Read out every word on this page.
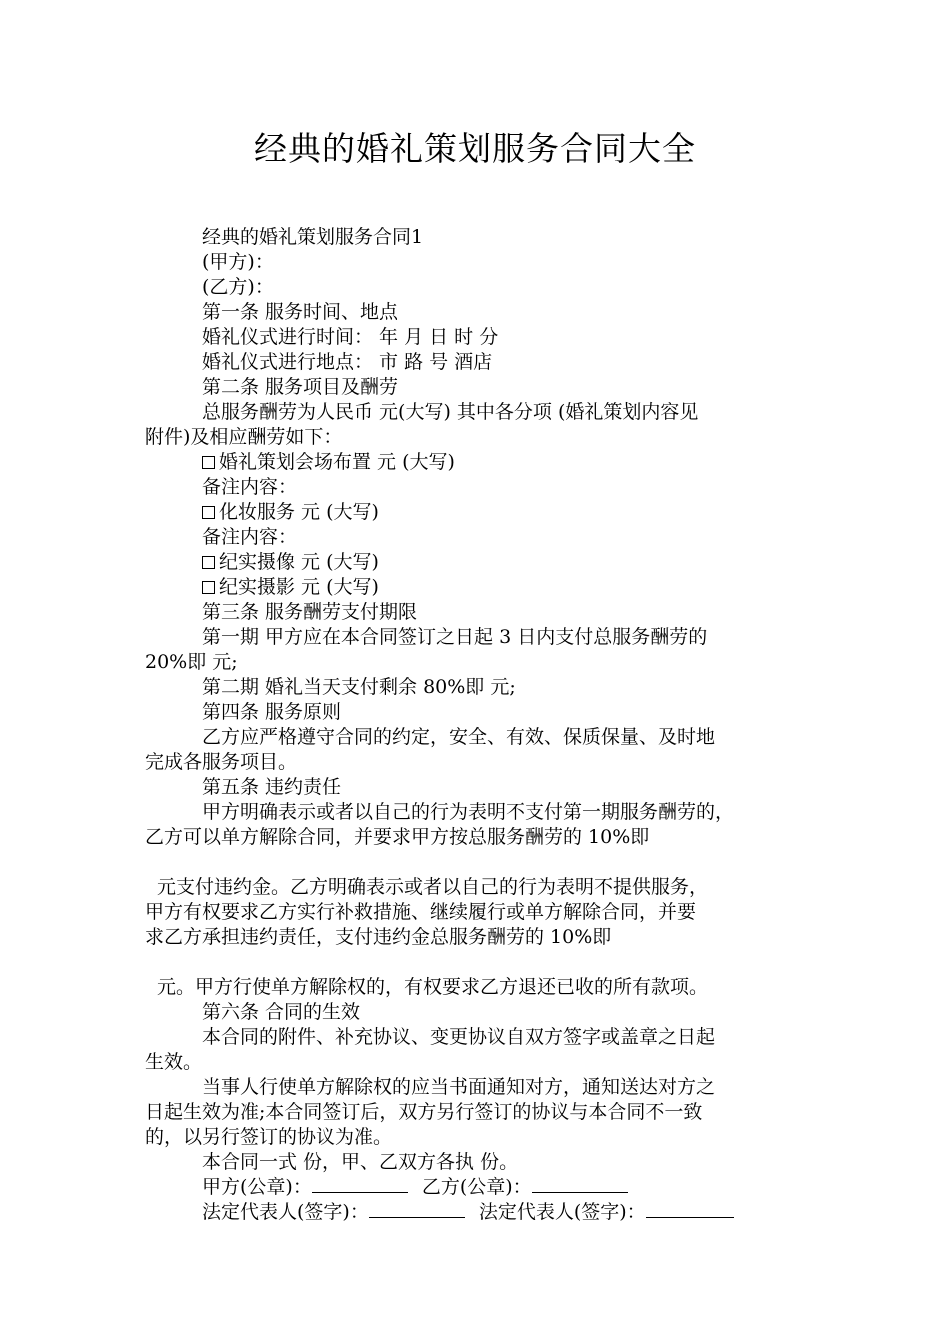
经典的婚礼策划服务合同大全
经典的婚礼策划服务合同1
(甲方)：
(乙方)：
第一条 服务时间、地点
婚礼仪式进行时间： 年 月 日 时 分
婚礼仪式进行地点： 市 路 号 酒店
第二条 服务项目及酬劳
总服务酬劳为人民币 元(大写) 其中各分项 (婚礼策划内容见
附件)及相应酬劳如下：
婚礼策划会场布置 元 (大写)
备注内容：
化妆服务 元 (大写)
备注内容：
纪实摄像 元 (大写)
纪实摄影 元 (大写)
第三条 服务酬劳支付期限
第一期 甲方应在本合同签订之日起 3 日内支付总服务酬劳的
20%即 元;
第二期 婚礼当天支付剩余 80%即 元;
第四条 服务原则
乙方应严格遵守合同的约定，安全、有效、保质保量、及时地
完成各服务项目。
第五条 违约责任
甲方明确表示或者以自己的行为表明不支付第一期服务酬劳的，
乙方可以单方解除合同，并要求甲方按总服务酬劳的 10%即
元支付违约金。乙方明确表示或者以自己的行为表明不提供服务，
甲方有权要求乙方实行补救措施、继续履行或单方解除合同，并要
求乙方承担违约责任，支付违约金总服务酬劳的 10%即
元。甲方行使单方解除权的，有权要求乙方退还已收的所有款项。
第六条 合同的生效
本合同的附件、补充协议、变更协议自双方签字或盖章之日起
生效。
当事人行使单方解除权的应当书面通知对方，通知送达对方之
日起生效为准;本合同签订后，双方另行签订的协议与本合同不一致
的，以另行签订的协议为准。
本合同一式 份，甲、乙双方各执 份。
甲方(公章)：	乙方(公章)：
法定代表人(签字)：	法定代表人(签字)：
